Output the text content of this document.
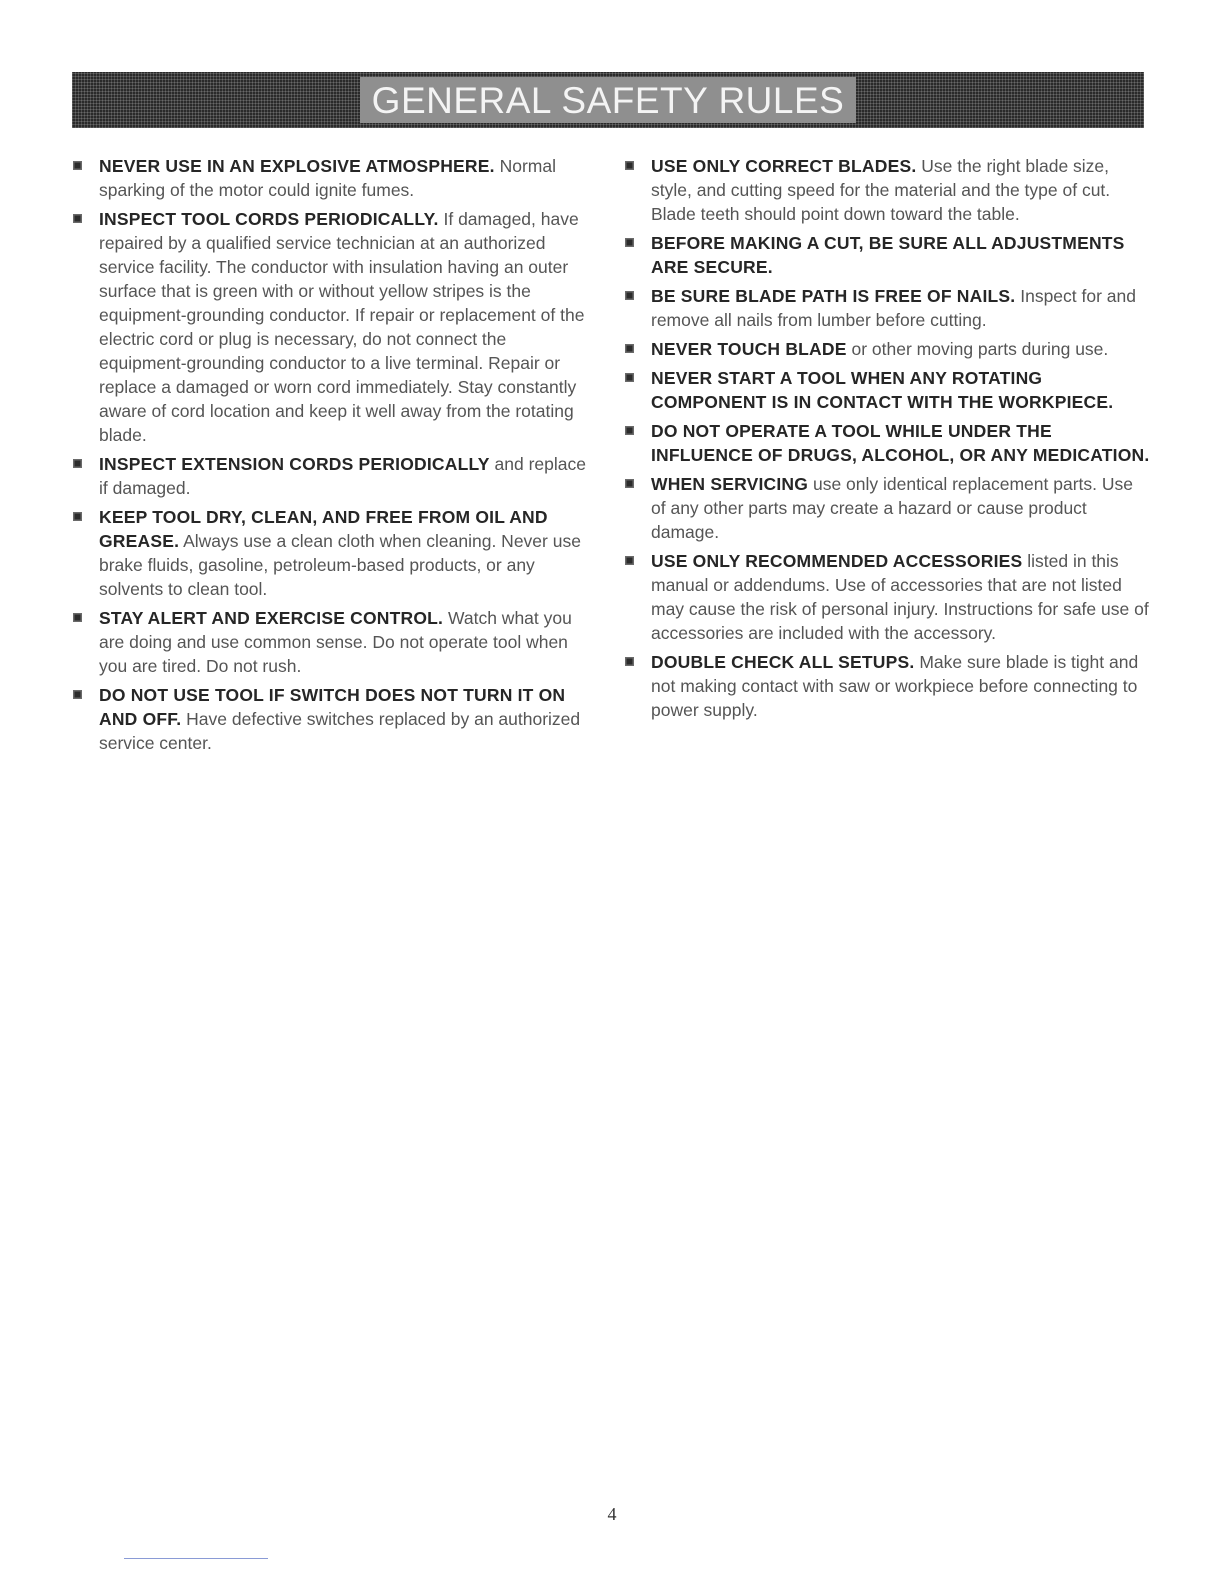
GENERAL SAFETY RULES

NEVER USE IN AN EXPLOSIVE ATMOSPHERE. Normal sparking of the motor could ignite fumes.

INSPECT TOOL CORDS PERIODICALLY. If damaged, have repaired by a qualified service technician at an authorized service facility. The conductor with insulation having an outer surface that is green with or without yellow stripes is the equipment-grounding conductor. If repair or replacement of the electric cord or plug is necessary, do not connect the equipment-grounding conductor to a live terminal. Repair or replace a damaged or worn cord immediately. Stay constantly aware of cord location and keep it well away from the rotating blade.

INSPECT EXTENSION CORDS PERIODICALLY and replace if damaged.

KEEP TOOL DRY, CLEAN, AND FREE FROM OIL AND GREASE. Always use a clean cloth when cleaning. Never use brake fluids, gasoline, petroleum-based products, or any solvents to clean tool.

STAY ALERT AND EXERCISE CONTROL. Watch what you are doing and use common sense. Do not operate tool when you are tired. Do not rush.

DO NOT USE TOOL IF SWITCH DOES NOT TURN IT ON AND OFF. Have defective switches replaced by an authorized service center.

USE ONLY CORRECT BLADES. Use the right blade size, style, and cutting speed for the material and the type of cut. Blade teeth should point down toward the table.

BEFORE MAKING A CUT, BE SURE ALL ADJUSTMENTS ARE SECURE.

BE SURE BLADE PATH IS FREE OF NAILS. Inspect for and remove all nails from lumber before cutting.

NEVER TOUCH BLADE or other moving parts during use.

NEVER START A TOOL WHEN ANY ROTATING COMPONENT IS IN CONTACT WITH THE WORKPIECE.

DO NOT OPERATE A TOOL WHILE UNDER THE INFLUENCE OF DRUGS, ALCOHOL, OR ANY MEDICATION.

WHEN SERVICING use only identical replacement parts. Use of any other parts may create a hazard or cause product damage.

USE ONLY RECOMMENDED ACCESSORIES listed in this manual or addendums. Use of accessories that are not listed may cause the risk of personal injury. Instructions for safe use of accessories are included with the accessory.

DOUBLE CHECK ALL SETUPS. Make sure blade is tight and not making contact with saw or workpiece before connecting to power supply.

4
